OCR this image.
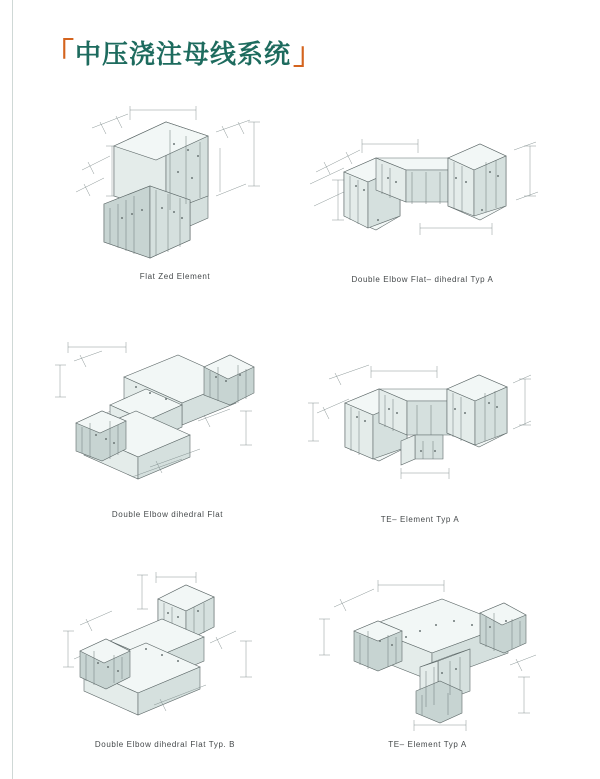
「 中压浇注母线系统 」
Flat Zed Element	Double Elbow Flat– dihedral Typ A
Double Elbow dihedral Flat
TE– Element Typ A
Double Elbow dihedral Flat Typ. B	TE– Element Typ A
